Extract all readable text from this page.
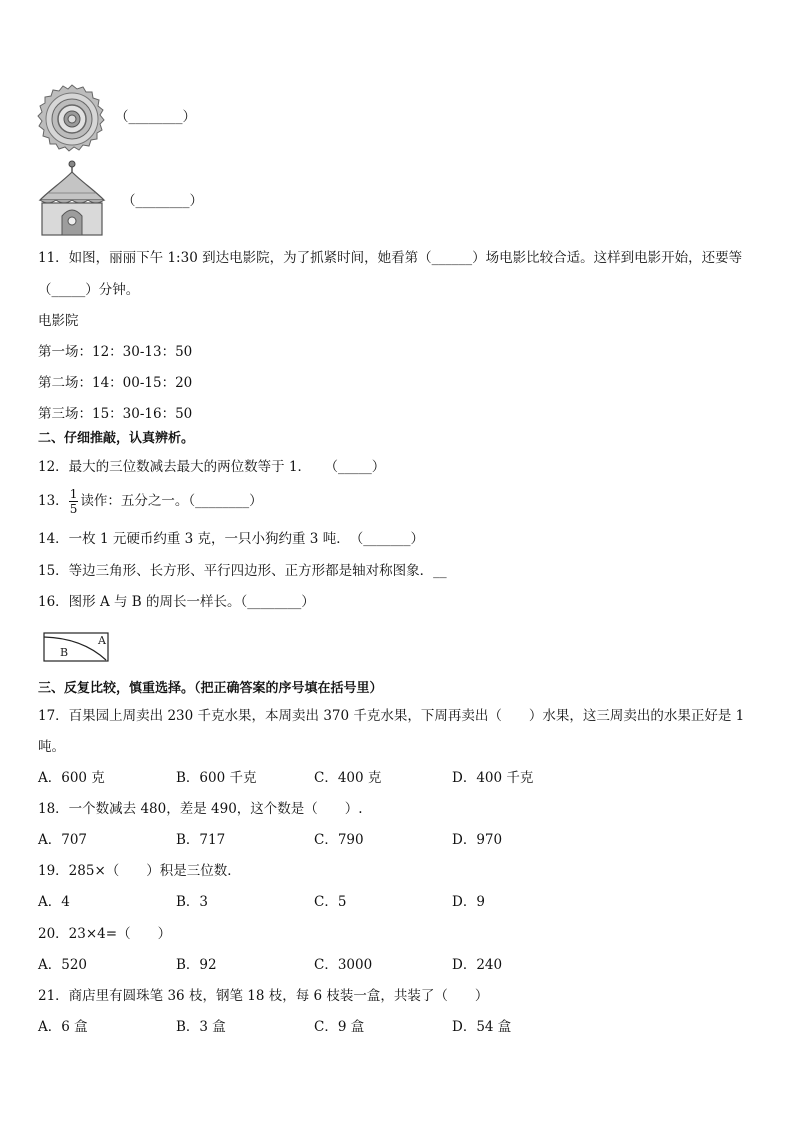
（________）
（________）
11．如图，丽丽下午 1:30 到达电影院，为了抓紧时间，她看第（______）场电影比较合适。这样到电影开始，还要等
（_____）分钟。
电影院
第一场：12：30-13：50
第二场：14：00-15：20
第三场：15：30-16：50
二、仔细推敲，认真辨析。
12．最大的三位数减去最大的两位数等于 1．　　（_____）
13． $\frac{1}{5}$ 读作：五分之一。（________）
14．一枚 1 元硬币约重 3 克，一只小狗约重 3 吨．　（_______）
15．等边三角形、长方形、平行四边形、正方形都是轴对称图象．__
16．图形 A 与 B 的周长一样长。（________）
A
B
三、反复比较，慎重选择。（把正确答案的序号填在括号里）
17．百果园上周卖出 230 千克水果，本周卖出 370 千克水果，下周再卖出（　　）水果，这三周卖出的水果正好是 1
吨。
A．600 克	B．600 千克	C．400 克	D．400 千克
18．一个数减去 480，差是 490，这个数是（　　）.
A．707	B．717	C．790	D．970
19．285×（　　）积是三位数．
A．4	B．3	C．5	D．9
20．23×4=（　　）
A．520	B．92	C．3000	D．240
21．商店里有圆珠笔 36 枝，钢笔 18 枝，每 6 枝装一盒，共装了（　　）
A．6 盒	B．3 盒	C．9 盒	D．54 盒
